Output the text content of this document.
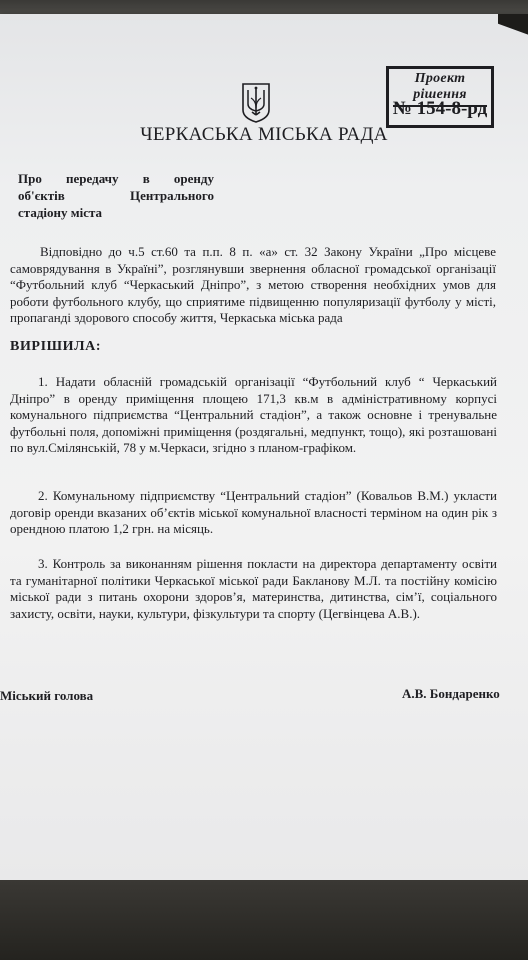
Проект рішення
№ 154-8-рд
ЧЕРКАСЬКА МІСЬКА РАДА
Про передачу в оренду
об'єктів Центрального
стадіону міста
Відповідно до ч.5 ст.60 та п.п. 8 п. «а» ст. 32 Закону України „Про місцеве самоврядування в Україні”, розглянувши звернення обласної громадської організації “Футбольний клуб “Черкаський Дніпро”, з метою створення необхідних умов для роботи футбольного клубу, що сприятиме підвищенню популяризації футболу у місті, пропаганді здорового способу життя, Черкаська міська рада
ВИРІШИЛА:
1. Надати обласній громадській організації “Футбольний клуб “ Черкаський Дніпро” в оренду приміщення площею 171,3 кв.м в адміністративному корпусі комунального підприємства “Центральний стадіон”, а також основне і тренувальне футбольні поля, допоміжні приміщення (роздягальні, медпункт, тощо), які розташовані по вул.Смілянській, 78 у м.Черкаси, згідно з планом-графіком.
2. Комунальному підприємству “Центральний стадіон” (Ковальов В.М.) укласти договір оренди вказаних об’єктів міської комунальної власності терміном на один рік з орендною платою 1,2 грн. на місяць.
3. Контроль за виконанням рішення покласти на директора департаменту освіти та гуманітарної політики Черкаської міської ради Бакланову М.Л. та постійну комісію міської ради з питань охорони здоров’я, материнства, дитинства, сім’ї, соціального захисту, освіти, науки, культури, фізкультури та спорту (Цегвінцева А.В.).
Міський голова	А.В. Бондаренко
